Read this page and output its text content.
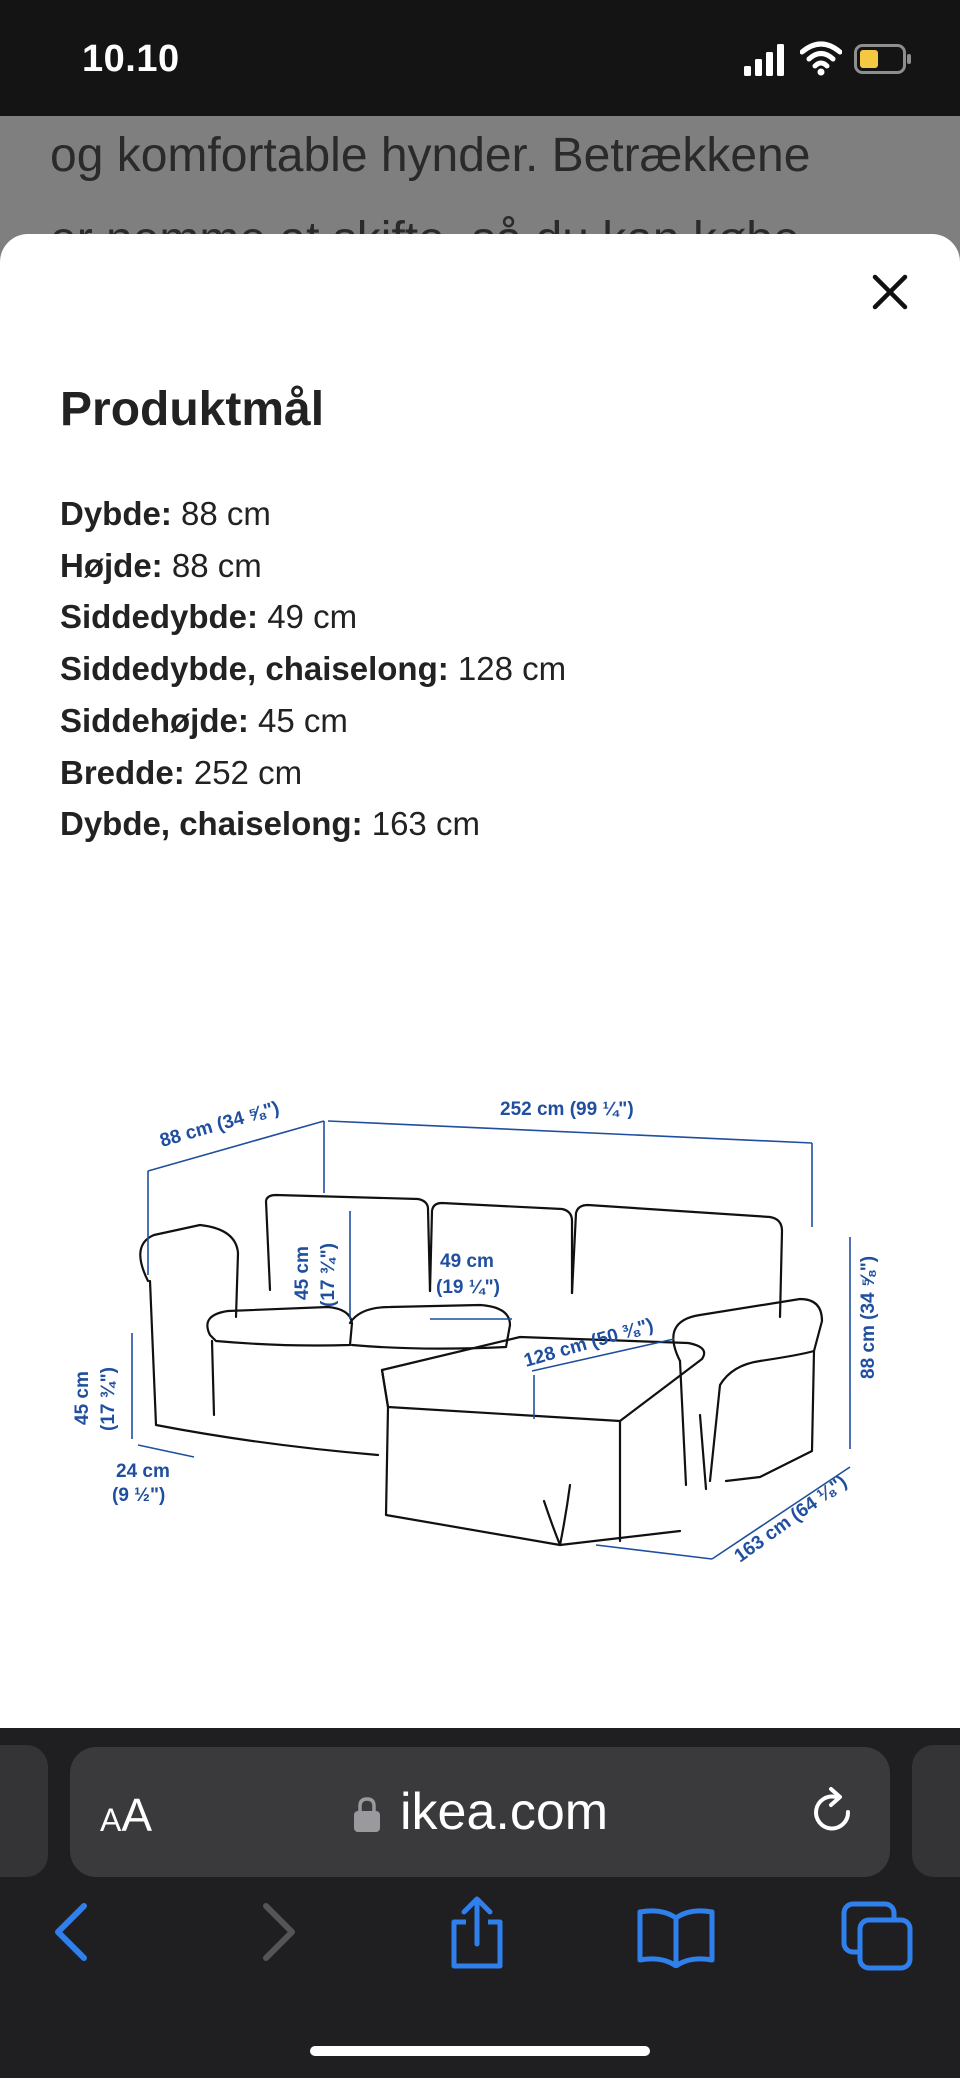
10.10
og komfortable hynder. Betrækkene
Produktmål
Dybde: 88 cm
Højde: 88 cm
Siddedybde: 49 cm
Siddedybde, chaiselong: 128 cm
Siddehøjde: 45 cm
Bredde: 252 cm
Dybde, chaiselong: 163 cm
88 cm (34 ⅝")	252 cm (99 ¼")
45 cm (17 ¾")	49 cm
(19 ¼")
128 cm (50 ⅜")
45 cm (17 ¾")
88 cm (34 ⅝")
24 cm
(9 ½")	163 cm (64 ⅛")
AA	ikea.com
